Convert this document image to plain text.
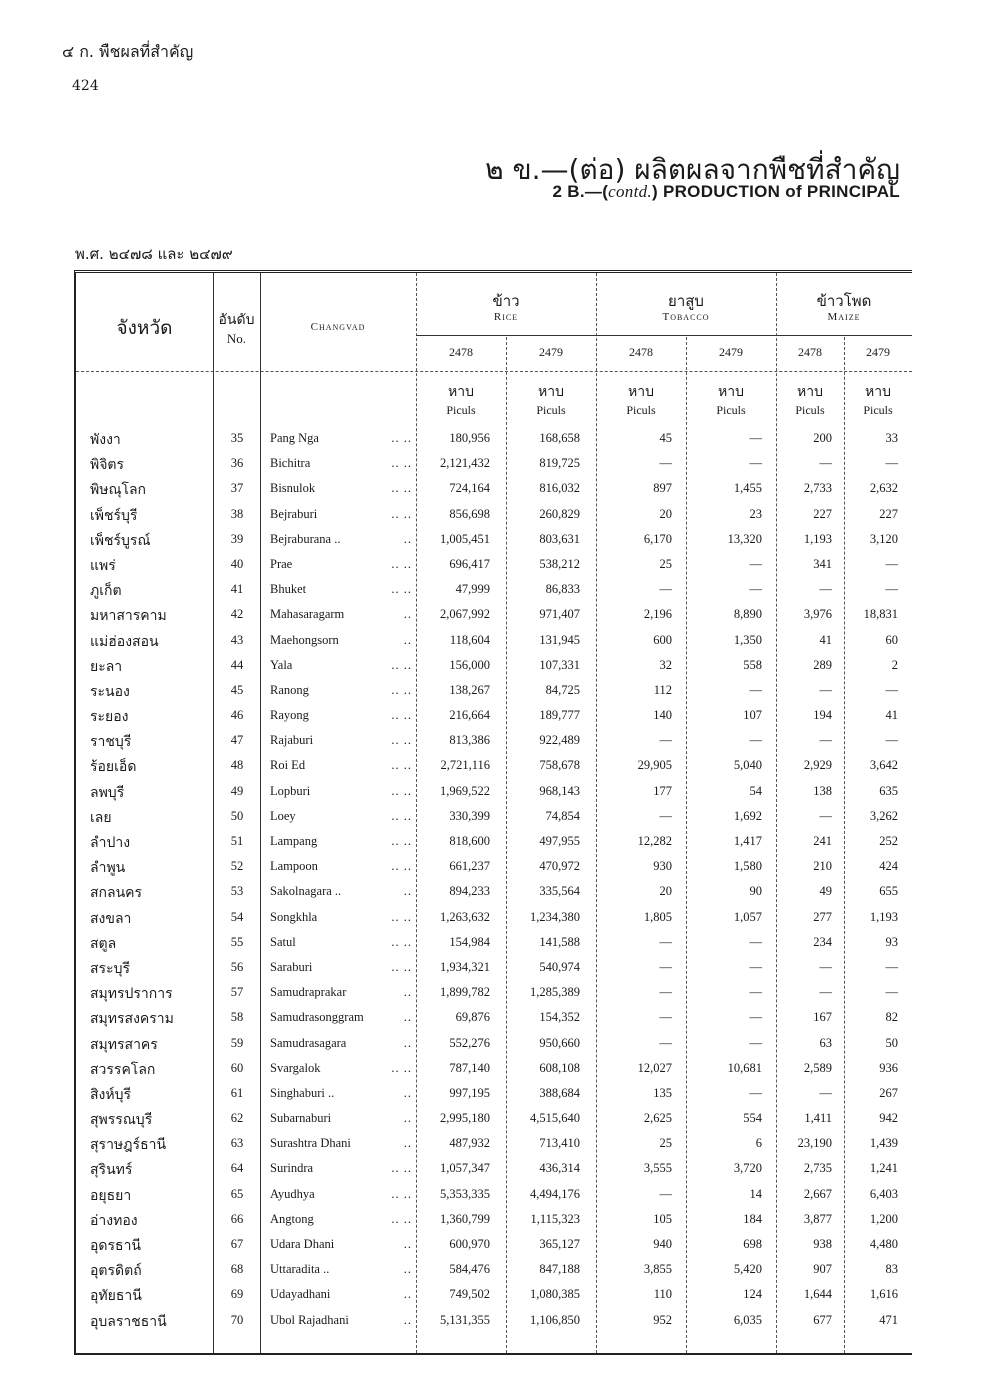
๔ ก. พืชผลที่สำคัญ
424
๒ ข.—(ต่อ) ผลิตผลจากพืชที่สำคัญ
2 B.—(contd.) PRODUCTION of PRINCIPAL
พ.ศ. ๒๔๗๘ และ ๒๔๗๙
จังหวัด	อันดับ
No.
Changvad
ข้าว
Rice
ยาสูบ
Tobacco
ข้าวโพด
Maize
2478	2479	2478	2479	2478	2479
หาบ
Piculs
หาบ
Piculs
หาบ
Piculs
หาบ
Piculs
หาบ
Piculs
หาบ
Piculs
พังงา	35	Pang Nga	.. ..	180,956	168,658	45	—	200	33
พิจิตร	36	Bichitra	.. .. 2,121,432	819,725	—	—	—	—
พิษณุโลก	37	Bisnulok	.. ..	724,164	816,032	897	1,455	2,733	2,632
เพ็ชร์บุรี	38	Bejraburi	.. ..	856,698	260,829	20	23	227	227
เพ็ชร์บูรณ์	39	Bejraburana ..	.. 1,005,451	803,631	6,170	13,320	1,193	3,120
แพร่	40	Prae	.. ..	696,417	538,212	25	—	341	—
ภูเก็ต	41	Bhuket	.. ..	47,999	86,833	—	—	—	—
มหาสารคาม	42	Mahasaragarm	.. 2,067,992	971,407	2,196	8,890	3,976	18,831
แม่ฮ่องสอน	43	Maehongsorn	..	118,604	131,945	600	1,350	41	60
ยะลา	44	Yala	.. ..	156,000	107,331	32	558	289	2
ระนอง	45	Ranong	.. ..	138,267	84,725	112	—	—	—
ระยอง	46	Rayong	.. ..	216,664	189,777	140	107	194	41
ราชบุรี	47	Rajaburi	.. ..	813,386	922,489	—	—	—	—
ร้อยเอ็ด	48	Roi Ed	.. .. 2,721,116	758,678	29,905	5,040	2,929	3,642
ลพบุรี	49	Lopburi	.. .. 1,969,522	968,143	177	54	138	635
เลย	50	Loey	.. ..	330,399	74,854	—	1,692	—	3,262
ลำปาง	51	Lampang	.. ..	818,600	497,955	12,282	1,417	241	252
ลำพูน	52	Lampoon	.. ..	661,237	470,972	930	1,580	210	424
สกลนคร	53	Sakolnagara ..	..	894,233	335,564	20	90	49	655
สงขลา	54	Songkhla	.. .. 1,263,632	1,234,380	1,805	1,057	277	1,193
สตูล	55	Satul	.. ..	154,984	141,588	—	—	234	93
สระบุรี	56	Saraburi	.. .. 1,934,321	540,974	—	—	—	—
สมุทรปราการ	57	Samudraprakar	.. 1,899,782	1,285,389	—	—	—	—
สมุทรสงคราม	58	Samudrasonggram	..	69,876	154,352	—	—	167	82
สมุทรสาคร	59	Samudrasagara	..	552,276	950,660	—	—	63	50
สวรรคโลก	60	Svargalok	.. ..	787,140	608,108	12,027	10,681	2,589	936
สิงห์บุรี	61	Singhaburi ..	..	997,195	388,684	135	—	—	267
สุพรรณบุรี	62	Subarnaburi	.. 2,995,180	4,515,640	2,625	554	1,411	942
สุราษฎร์ธานี	63	Surashtra Dhani	..	487,932	713,410	25	6	23,190	1,439
สุรินทร์	64	Surindra	.. .. 1,057,347	436,314	3,555	3,720	2,735	1,241
อยุธยา	65	Ayudhya	.. .. 5,353,335	4,494,176	—	14	2,667	6,403
อ่างทอง	66	Angtong	.. .. 1,360,799	1,115,323	105	184	3,877	1,200
อุดรธานี	67	Udara Dhani	..	600,970	365,127	940	698	938	4,480
อุตรดิตถ์	68	Uttaradita ..	..	584,476	847,188	3,855	5,420	907	83
อุทัยธานี	69	Udayadhani	..	749,502	1,080,385	110	124	1,644	1,616
อุบลราชธานี	70	Ubol Rajadhani	.. 5,131,355	1,106,850	952	6,035	677	471
